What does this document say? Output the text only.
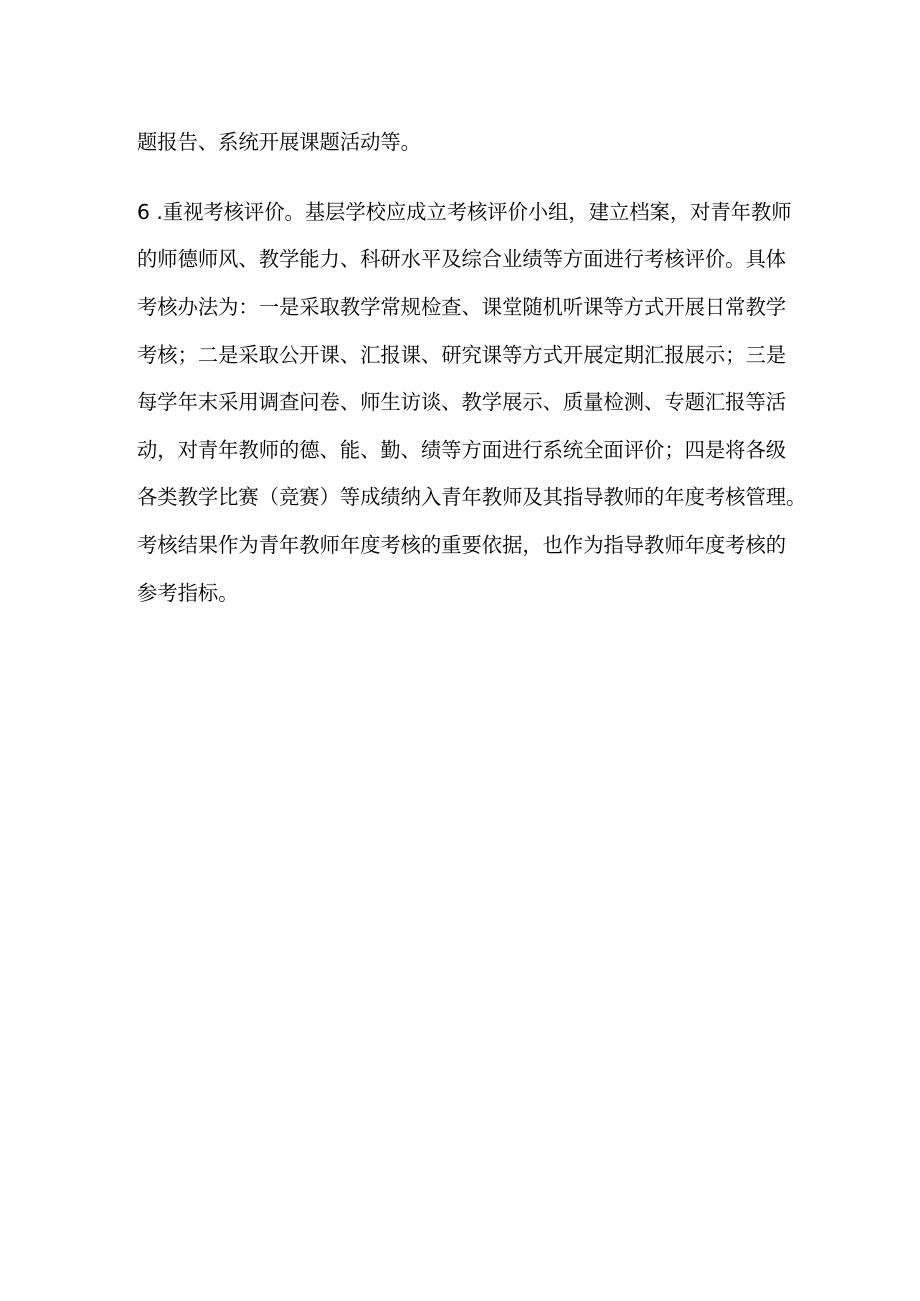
题报告、系统开展课题活动等。
6 .重视考核评价。基层学校应成立考核评价小组，建立档案，对青年教师
的师德师风、教学能力、科研水平及综合业绩等方面进行考核评价。具体
考核办法为：一是采取教学常规检查、课堂随机听课等方式开展日常教学
考核；二是采取公开课、汇报课、研究课等方式开展定期汇报展示；三是
每学年末采用调查问卷、师生访谈、教学展示、质量检测、专题汇报等活
动，对青年教师的德、能、勤、绩等方面进行系统全面评价；四是将各级
各类教学比赛（竞赛）等成绩纳入青年教师及其指导教师的年度考核管理。
考核结果作为青年教师年度考核的重要依据，也作为指导教师年度考核的
参考指标。
